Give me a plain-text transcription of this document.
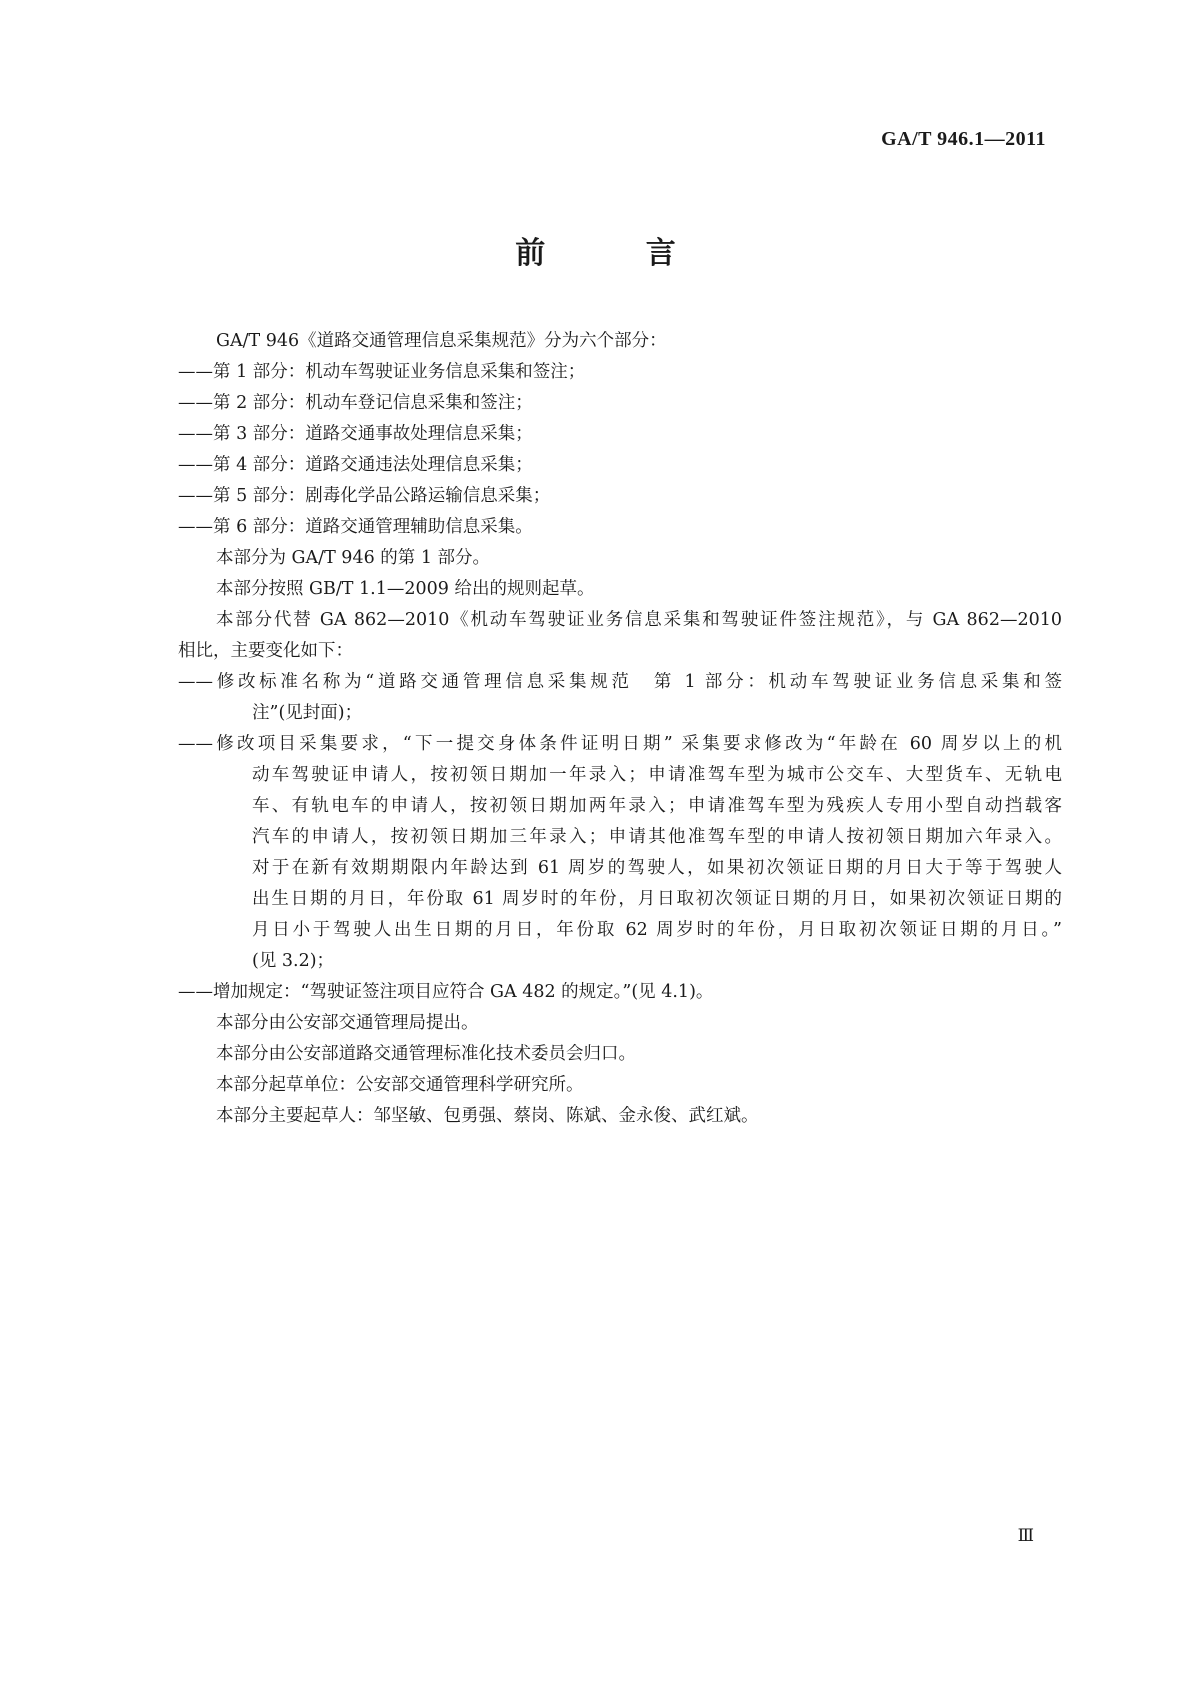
GA/T 946.1—2011
前 言
GA/T 946《道路交通管理信息采集规范》分为六个部分：
——第 1 部分：机动车驾驶证业务信息采集和签注；
——第 2 部分：机动车登记信息采集和签注；
——第 3 部分：道路交通事故处理信息采集；
——第 4 部分：道路交通违法处理信息采集；
——第 5 部分：剧毒化学品公路运输信息采集；
——第 6 部分：道路交通管理辅助信息采集。
本部分为 GA/T 946 的第 1 部分。
本部分按照 GB/T 1.1—2009 给出的规则起草。
本部分代替 GA 862—2010《机动车驾驶证业务信息采集和驾驶证件签注规范》，与 GA 862—2010
相比，主要变化如下：
——修改标准名称为“道路交通管理信息采集规范　第 1 部分：机动车驾驶证业务信息采集和签
注”(见封面)；
——修改项目采集要求，“下一提交身体条件证明日期” 采集要求修改为“年龄在 60 周岁以上的机
动车驾驶证申请人，按初领日期加一年录入；申请准驾车型为城市公交车、大型货车、无轨电
车、有轨电车的申请人，按初领日期加两年录入；申请准驾车型为残疾人专用小型自动挡载客
汽车的申请人，按初领日期加三年录入；申请其他准驾车型的申请人按初领日期加六年录入。
对于在新有效期期限内年龄达到 61 周岁的驾驶人，如果初次领证日期的月日大于等于驾驶人
出生日期的月日，年份取 61 周岁时的年份，月日取初次领证日期的月日，如果初次领证日期的
月日小于驾驶人出生日期的月日，年份取 62 周岁时的年份，月日取初次领证日期的月日。”
(见 3.2)；
——增加规定：“驾驶证签注项目应符合 GA 482 的规定。”(见 4.1)。
本部分由公安部交通管理局提出。
本部分由公安部道路交通管理标准化技术委员会归口。
本部分起草单位：公安部交通管理科学研究所。
本部分主要起草人：邹坚敏、包勇强、蔡岗、陈斌、金永俊、武红斌。
Ⅲ
